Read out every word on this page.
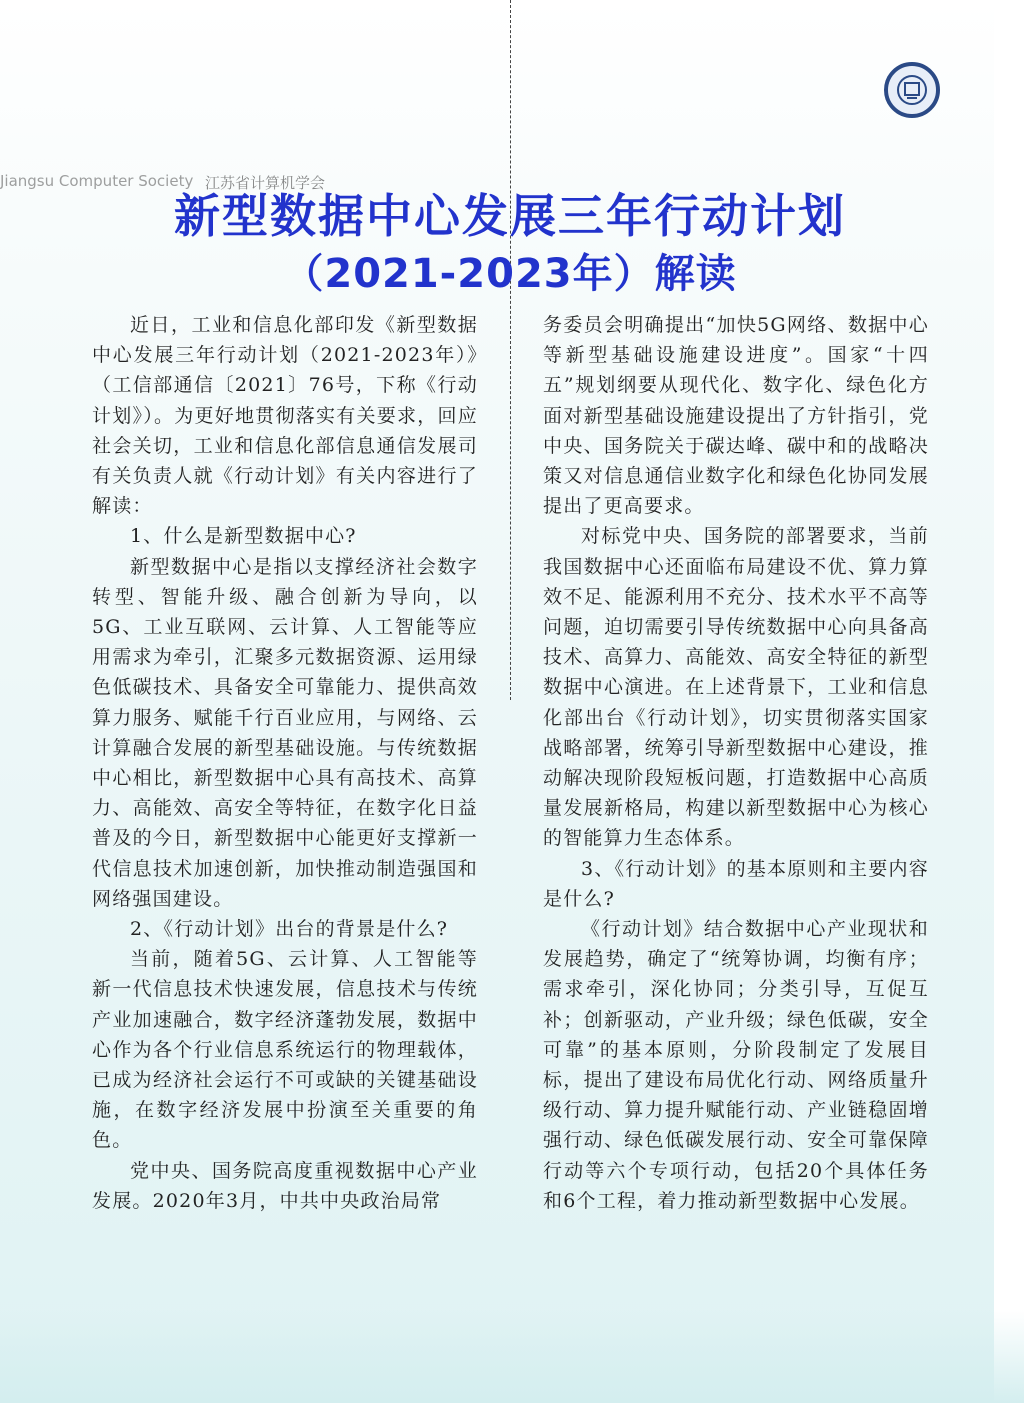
Jiangsu Computer Society 江苏省计算机学会
新型数据中心发展三年行动计划
（2021-2023年）解读

近日，工业和信息化部印发《新型数据中心发展三年行动计划（2021-2023年）》（工信部通信〔2021〕76号，下称《行动计划》）。为更好地贯彻落实有关要求，回应社会关切，工业和信息化部信息通信发展司有关负责人就《行动计划》有关内容进行了解读：

1、什么是新型数据中心?

新型数据中心是指以支撑经济社会数字转型、智能升级、融合创新为导向，以5G、工业互联网、云计算、人工智能等应用需求为牵引，汇聚多元数据资源、运用绿色低碳技术、具备安全可靠能力、提供高效算力服务、赋能千行百业应用，与网络、云计算融合发展的新型基础设施。与传统数据中心相比，新型数据中心具有高技术、高算力、高能效、高安全等特征，在数字化日益普及的今日，新型数据中心能更好支撑新一代信息技术加速创新，加快推动制造强国和网络强国建设。

2、《行动计划》出台的背景是什么?

当前，随着5G、云计算、人工智能等新一代信息技术快速发展，信息技术与传统产业加速融合，数字经济蓬勃发展，数据中心作为各个行业信息系统运行的物理载体，已成为经济社会运行不可或缺的关键基础设施，在数字经济发展中扮演至关重要的角色。

党中央、国务院高度重视数据中心产业发展。2020年3月，中共中央政治局常

务委员会明确提出“加快5G网络、数据中心等新型基础设施建设进度”。国家“十四五”规划纲要从现代化、数字化、绿色化方面对新型基础设施建设提出了方针指引，党中央、国务院关于碳达峰、碳中和的战略决策又对信息通信业数字化和绿色化协同发展提出了更高要求。

对标党中央、国务院的部署要求，当前我国数据中心还面临布局建设不优、算力算效不足、能源利用不充分、技术水平不高等问题，迫切需要引导传统数据中心向具备高技术、高算力、高能效、高安全特征的新型数据中心演进。在上述背景下，工业和信息化部出台《行动计划》，切实贯彻落实国家战略部署，统筹引导新型数据中心建设，推动解决现阶段短板问题，打造数据中心高质量发展新格局，构建以新型数据中心为核心的智能算力生态体系。

3、《行动计划》的基本原则和主要内容是什么?

《行动计划》结合数据中心产业现状和发展趋势，确定了“统筹协调，均衡有序；需求牵引，深化协同；分类引导，互促互补；创新驱动，产业升级；绿色低碳，安全可靠”的基本原则，分阶段制定了发展目标，提出了建设布局优化行动、网络质量升级行动、算力提升赋能行动、产业链稳固增强行动、绿色低碳发展行动、安全可靠保障行动等六个专项行动，包括20个具体任务和6个工程，着力推动新型数据中心发展。
